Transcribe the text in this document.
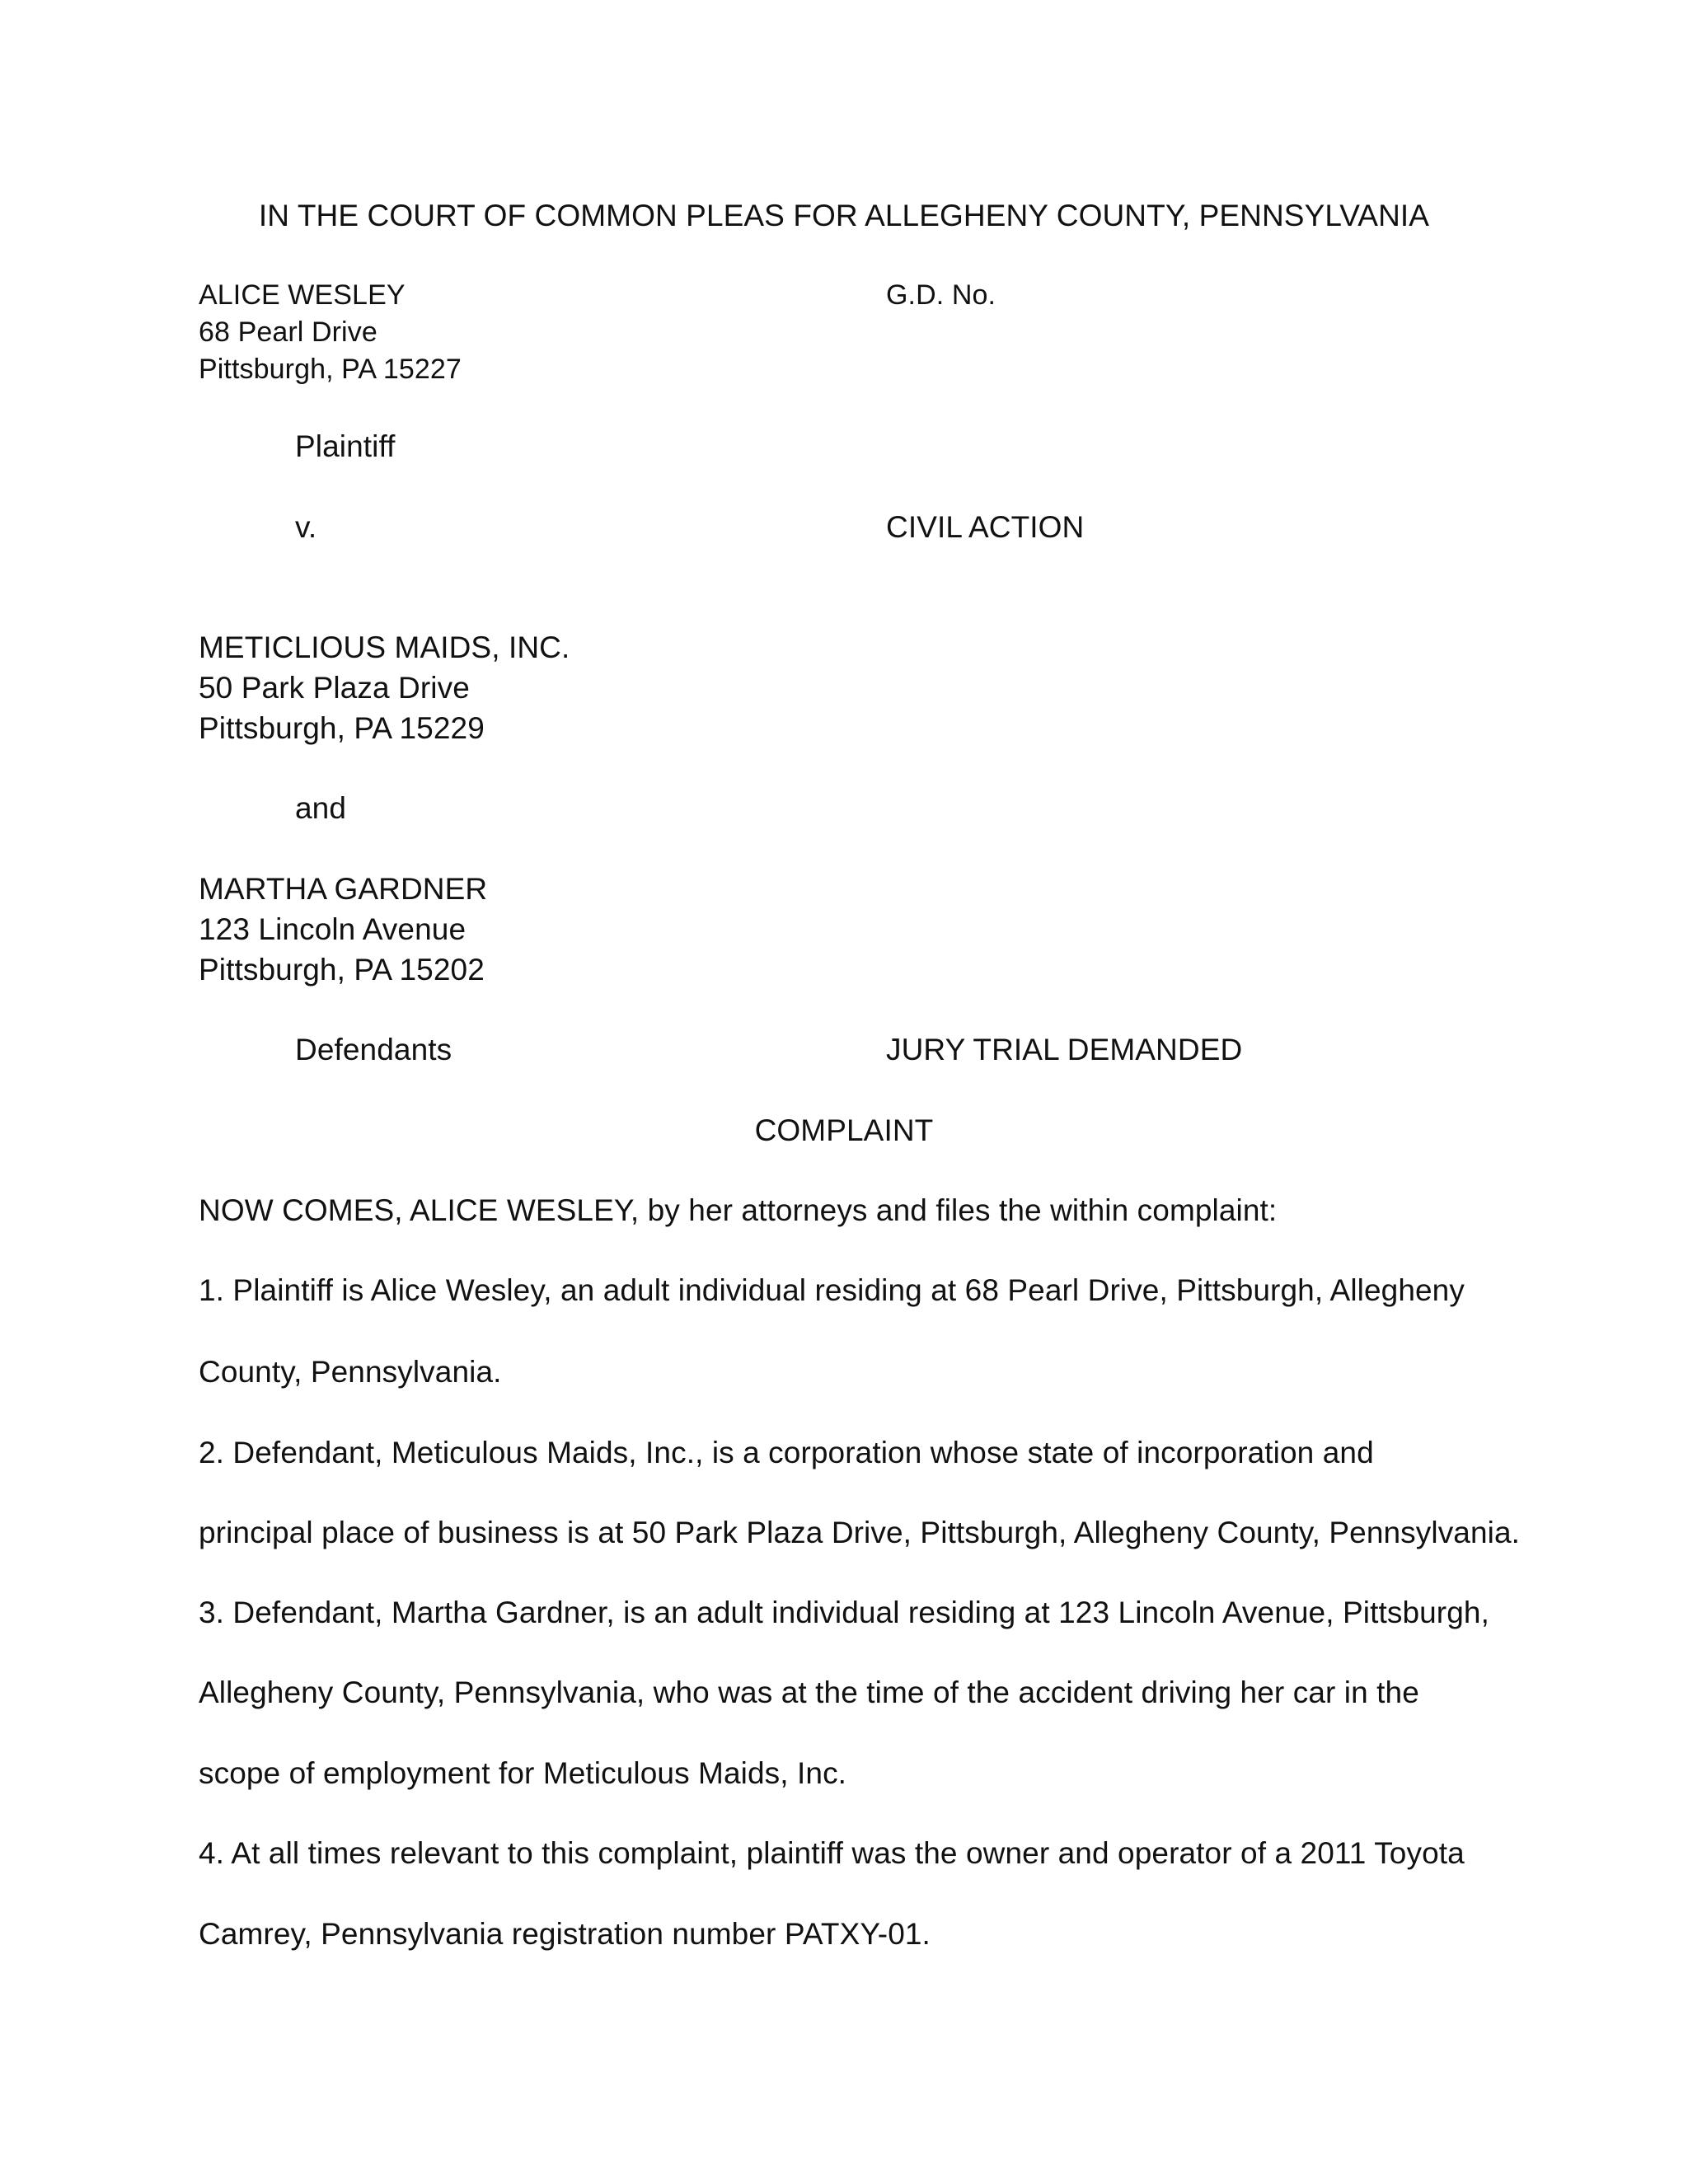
IN THE COURT OF COMMON PLEAS FOR ALLEGHENY COUNTY, PENNSYLVANIA
ALICE WESLEY
68 Pearl Drive
Pittsburgh, PA 15227
G.D. No.
Plaintiff
v.	CIVIL ACTION
METICLIOUS MAIDS, INC.
50 Park Plaza Drive
Pittsburgh, PA 15229
and
MARTHA GARDNER
123 Lincoln Avenue
Pittsburgh, PA 15202
Defendants	JURY TRIAL DEMANDED
COMPLAINT
NOW COMES, ALICE WESLEY, by her attorneys and files the within complaint:
1. Plaintiff is Alice Wesley, an adult individual residing at 68 Pearl Drive, Pittsburgh, Allegheny
County, Pennsylvania.
2. Defendant, Meticulous Maids, Inc., is a corporation whose state of incorporation and
principal place of business is at 50 Park Plaza Drive, Pittsburgh, Allegheny County, Pennsylvania.
3. Defendant, Martha Gardner, is an adult individual residing at 123 Lincoln Avenue, Pittsburgh,
Allegheny County, Pennsylvania, who was at the time of the accident driving her car in the
scope of employment for Meticulous Maids, Inc.
4. At all times relevant to this complaint, plaintiff was the owner and operator of a 2011 Toyota
Camrey, Pennsylvania registration number PATXY-01.
